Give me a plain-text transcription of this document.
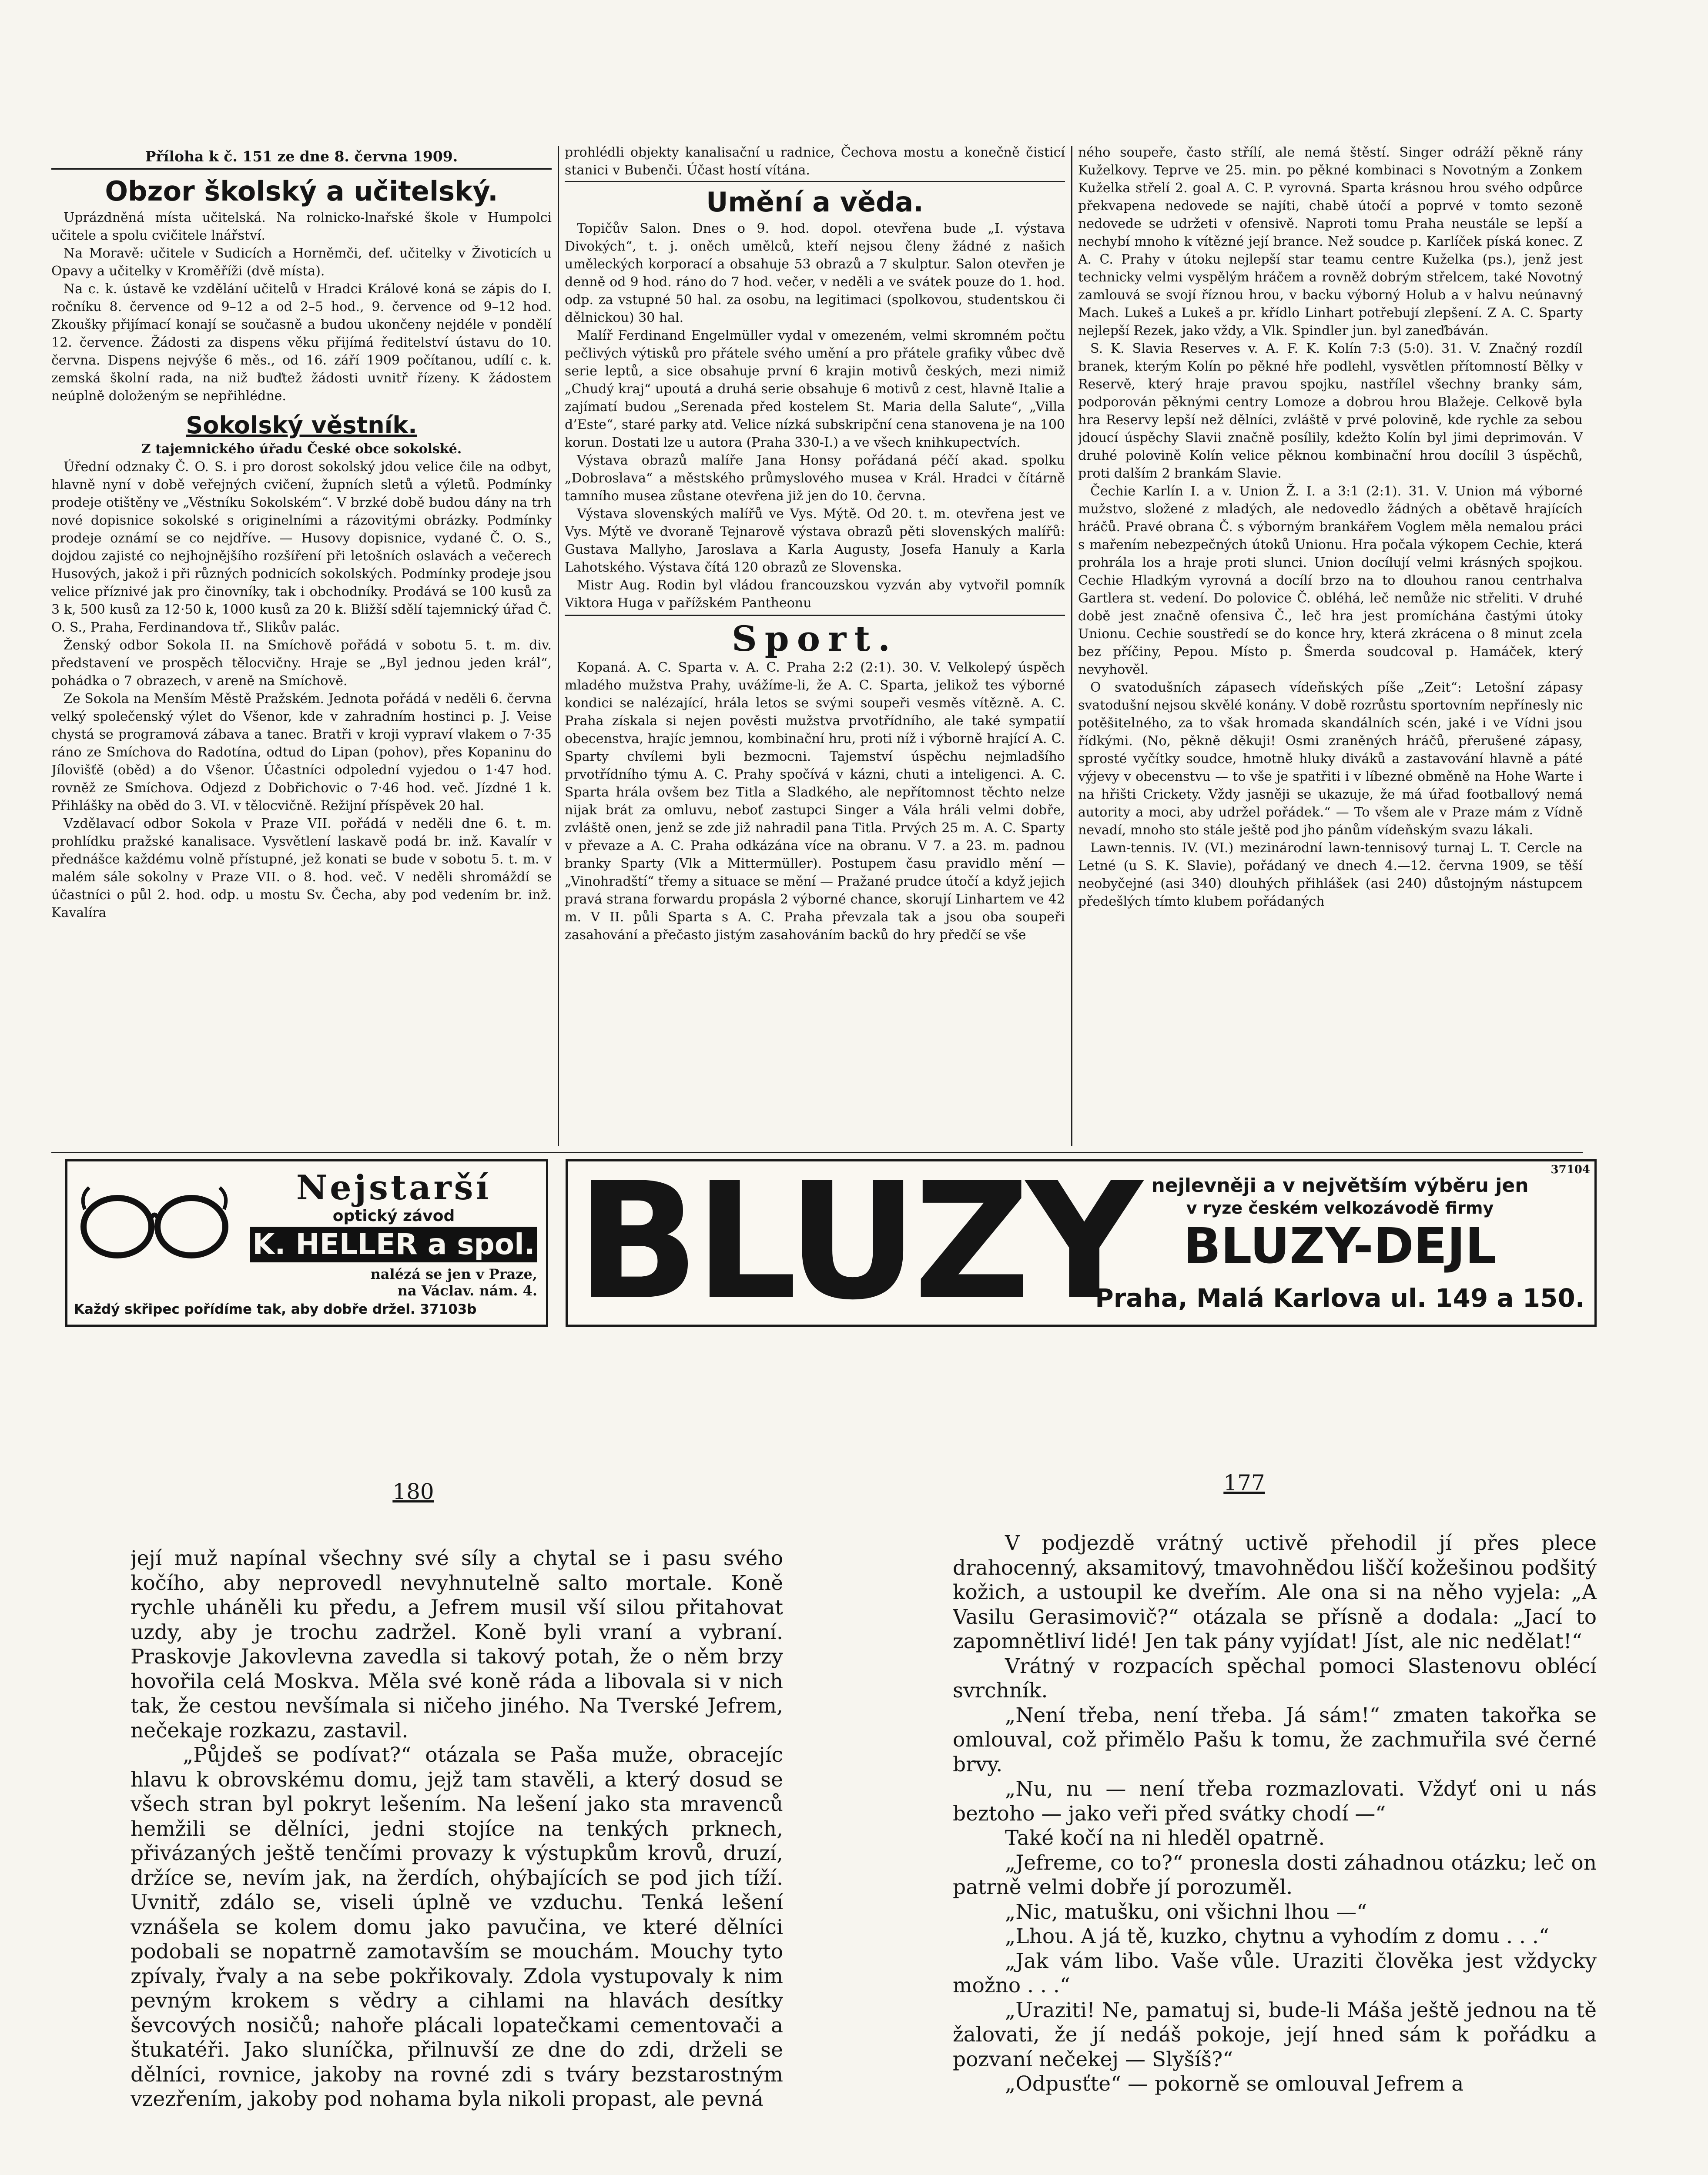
Příloha k č. 151 ze dne 8. června 1909.
Obzor školský a učitelský.

Uprázdněná místa učitelská. Na rolnicko-lnařské škole v Humpolci učitele a spolu cvičitele lnářství.

Na Moravě: učitele v Sudicích a Horněmči, def. učitelky v Životicích u Opavy a učitelky v Kroměříži (dvě místa).

Na c. k. ústavě ke vzdělání učitelů v Hradci Králové koná se zápis do I. ročníku 8. července od 9–12 a od 2–5 hod., 9. července od 9–12 hod. Zkoušky přijímací konají se současně a budou ukončeny nejdéle v pondělí 12. července. Žádosti za dispens věku přijímá ředitelství ústavu do 10. června. Dispens nejvýše 6 měs., od 16. září 1909 počítanou, udílí c. k. zemská školní rada, na niž buďtež žádosti uvnitř řízeny. K žádostem neúplně doloženým se nepřihlédne.

Sokolský věstník.
Z tajemnického úřadu České obce sokolské.

Úřední odznaky Č. O. S. i pro dorost sokolský jdou velice čile na odbyt, hlavně nyní v době veřejných cvičení, župních sletů a výletů. Podmínky prodeje otištěny ve „Věstníku Sokolském“. V brzké době budou dány na trh nové dopisnice sokolské s originelními a rázovitými obrázky. Podmínky prodeje oznámí se co nejdříve. — Husovy dopisnice, vydané Č. O. S., dojdou zajisté co nejhojnějšího rozšíření při letošních oslavách a večerech Husových, jakož i při různých podnicích sokolských. Podmínky prodeje jsou velice příznivé jak pro činovníky, tak i obchodníky. Prodává se 100 kusů za 3 k, 500 kusů za 12·50 k, 1000 kusů za 20 k. Bližší sdělí tajemnický úřad Č. O. S., Praha, Ferdinandova tř., Slikův palác.

Ženský odbor Sokola II. na Smíchově pořádá v sobotu 5. t. m. div. představení ve prospěch tělocvičny. Hraje se „Byl jednou jeden král“, pohádka o 7 obrazech, v areně na Smíchově.

Ze Sokola na Menším Městě Pražském. Jednota pořádá v neděli 6. června velký společenský výlet do Všenor, kde v zahradním hostinci p. J. Veise chystá se programová zábava a tanec. Bratři v kroji vypraví vlakem o 7·35 ráno ze Smíchova do Radotína, odtud do Lipan (pohov), přes Kopaninu do Jílovišťě (oběd) a do Všenor. Účastníci odpolední vyjedou o 1·47 hod. rovněž ze Smíchova. Odjezd z Dobřichovic o 7·46 hod. več. Jízdné 1 k. Přihlášky na oběd do 3. VI. v tělocvičně. Režijní příspěvek 20 hal.

Vzdělavací odbor Sokola v Praze VII. pořádá v neděli dne 6. t. m. prohlídku pražské kanalisace. Vysvětlení laskavě podá br. inž. Kavalír v přednášce každému volně přístupné, jež konati se bude v sobotu 5. t. m. v malém sále sokolny v Praze VII. o 8. hod. več. V neděli shromáždí se účastníci o půl 2. hod. odp. u mostu Sv. Čecha, aby pod vedením br. inž. Kavalíra

prohlédli objekty kanalisační u radnice, Čechova mostu a konečně čisticí stanici v Bubenči. Účast hostí vítána.

Umění a věda.

Topičův Salon. Dnes o 9. hod. dopol. otevřena bude „I. výstava Divokých“, t. j. oněch umělců, kteří nejsou členy žádné z našich uměleckých korporací a obsahuje 53 obrazů a 7 skulptur. Salon otevřen je denně od 9 hod. ráno do 7 hod. večer, v neděli a ve svátek pouze do 1. hod. odp. za vstupné 50 hal. za osobu, na legitimaci (spolkovou, studentskou či dělnickou) 30 hal.

Malíř Ferdinand Engelmüller vydal v omezeném, velmi skromném počtu pečlivých výtisků pro přátele svého umění a pro přátele grafiky vůbec dvě serie leptů, a sice obsahuje první 6 krajin motivů českých, mezi nimiž „Chudý kraj“ upoutá a druhá serie obsahuje 6 motivů z cest, hlavně Italie a zajímatí budou „Serenada před kostelem St. Maria della Salute“, „Villa d’Este“, staré parky atd. Velice nízká subskripční cena stanovena je na 100 korun. Dostati lze u autora (Praha 330-I.) a ve všech knihkupectvích.

Výstava obrazů malíře Jana Honsy pořádaná péčí akad. spolku „Dobroslava“ a městského průmyslového musea v Král. Hradci v čítárně tamního musea zůstane otevřena již jen do 10. června.

Výstava slovenských malířů ve Vys. Mýtě. Od 20. t. m. otevřena jest ve Vys. Mýtě ve dvoraně Tejnarově výstava obrazů pěti slovenských malířů: Gustava Mallyho, Jaroslava a Karla Augusty, Josefa Hanuly a Karla Lahotského. Výstava čítá 120 obrazů ze Slovenska.

Mistr Aug. Rodin byl vládou francouzskou vyzván aby vytvořil pomník Viktora Huga v pařížském Pantheonu

Sport.

Kopaná. A. C. Sparta v. A. C. Praha 2:2 (2:1). 30. V. Velkolepý úspěch mladého mužstva Prahy, uvážíme-li, že A. C. Sparta, jelikož tes výborné kondici se nalézající, hrála letos se svými soupeři vesměs vítězně. A. C. Praha získala si nejen pověsti mužstva prvotřídního, ale také sympatií obecenstva, hrajíc jemnou, kombinační hru, proti níž i výborně hrající A. C. Sparty chvílemi byli bezmocni. Tajemství úspěchu nejmladšího prvotřídního týmu A. C. Prahy spočívá v kázni, chuti a inteligenci. A. C. Sparta hrála ovšem bez Titla a Sladkého, ale nepřítomnost těchto nelze nijak brát za omluvu, neboť zastupci Singer a Vála hráli velmi dobře, zvláště onen, jenž se zde již nahradil pana Titla. Prvých 25 m. A. C. Sparty v převaze a A. C. Praha odkázána více na obranu. V 7. a 23. m. padnou branky Sparty (Vlk a Mittermüller). Postupem času pravidlo mění — „Vinohradští“ třemy a situace se mění — Pražané prudce útočí a když jejich pravá strana forwardu propásla 2 výborné chance, skorují Linhartem ve 42 m. V II. půli Sparta s A. C. Praha převzala tak a jsou oba soupeři zasahování a přečasto jistým zasahováním backů do hry předčí se vše

ného soupeře, často střílí, ale nemá štěstí. Singer odráží pěkně rány Kuželkovy. Teprve ve 25. min. po pěkné kombinaci s Novotným a Zonkem Kuželka střelí 2. goal A. C. P. vyrovná. Sparta krásnou hrou svého odpůrce překvapena nedovede se najíti, chabě útočí a poprvé v tomto sezoně nedovede se udržeti v ofensivě. Naproti tomu Praha neustále se lepší a nechybí mnoho k vítězné její brance. Než soudce p. Karlíček píská konec. Z A. C. Prahy v útoku nejlepší star teamu centre Kuželka (ps.), jenž jest technicky velmi vyspělým hráčem a rovněž dobrým střelcem, také Novotný zamlouvá se svojí říznou hrou, v backu výborný Holub a v halvu neúnavný Mach. Lukeš a Lukeš a pr. křídlo Linhart potřebují zlepšení. Z A. C. Sparty nejlepší Rezek, jako vždy, a Vlk. Spindler jun. byl zaneďbáván.

S. K. Slavia Reserves v. A. F. K. Kolín 7:3 (5:0). 31. V. Značný rozdíl branek, kterým Kolín po pěkné hře podlehl, vysvětlen přítomností Bělky v Reservě, který hraje pravou spojku, nastřílel všechny branky sám, podporován pěknými centry Lomoze a dobrou hrou Blažeje. Celkově byla hra Reservy lepší než dělníci, zvláště v prvé polovině, kde rychle za sebou jdoucí úspěchy Slavii značně posílily, kdežto Kolín byl jimi deprimován. V druhé polovině Kolín velice pěknou kombinační hrou docílil 3 úspěchů, proti dalším 2 brankám Slavie.

Čechie Karlín I. a v. Union Ž. I. a 3:1 (2:1). 31. V. Union má výborné mužstvo, složené z mladých, ale nedovedlo žádných a obětavě hrajících hráčů. Pravé obrana Č. s výborným brankářem Voglem měla nemalou práci s mařením nebezpečných útoků Unionu. Hra počala výkopem Cechie, která prohrála los a hraje proti slunci. Union docílují velmi krásných spojkou. Cechie Hladkým vyrovná a docílí brzo na to dlouhou ranou centrhalva Gartlera st. vedení. Do polovice Č. obléhá, leč nemůže nic střeliti. V druhé době jest značně ofensiva Č., leč hra jest promíchána častými útoky Unionu. Cechie soustředí se do konce hry, která zkrácena o 8 minut zcela bez příčiny, Pepou. Místo p. Šmerda soudcoval p. Hamáček, který nevyhověl.

O svatodušních zápasech vídeňských píše „Zeit“: Letošní zápasy svatodušní nejsou skvělé konány. V době rozrůstu sportovním nepřínesly nic potěšitelného, za to však hromada skandálních scén, jaké i ve Vídni jsou řídkými. (No, pěkně děkuji! Osmi zraněných hráčů, přerušené zápasy, sprosté vyčítky soudce, hmotně hluky diváků a zastavování hlavně a páté výjevy v obecenstvu — to vše je spatřiti i v líbezné obměně na Hohe Warte i na hřišti Crickety. Vždy jasněji se ukazuje, že má úřad footballový nemá autority a moci, aby udržel pořádek.“ — To všem ale v Praze mám z Vídně nevadí, mnoho sto stále ještě pod jho pánům vídeňským svazu lákali.

Lawn-tennis. IV. (VI.) mezinárodní lawn-tennisový turnaj L. T. Cercle na Letné (u S. K. Slavie), pořádaný ve dnech 4.—12. června 1909, se těší neobyčejné (asi 340) dlouhých přihlášek (asi 240) důstojným nástupcem předešlých tímto klubem pořádaných

Nejstarší
optický závod
K. HELLER a spol.
nalézá se jen v Praze,
na Václav. nám. 4.
Každý skřipec pořídíme tak, aby dobře držel. 37103b BLUZY	37104
nejlevněji a v největším výběru jen
v ryze českém velkozávodě firmy
BLUZY-DEJL
Praha, Malá Karlova ul. 149 a 150.
180	177

její muž napínal všechny své síly a chytal se i pasu svého kočího, aby neprovedl nevyhnutelně salto mortale. Koně rychle uháněli ku předu, a Jefrem musil vší silou přitahovat uzdy, aby je trochu zadržel. Koně byli vraní a vybraní. Praskovje Jakovlevna zavedla si takový potah, že o něm brzy hovořila celá Moskva. Měla své koně ráda a libovala si v nich tak, že cestou nevšímala si ničeho jiného. Na Tverské Jefrem, nečekaje rozkazu, zastavil.

„Půjdeš se podívat?“ otázala se Paša muže, obracejíc hlavu k obrovskému domu, jejž tam stavěli, a který dosud se všech stran byl pokryt lešením. Na lešení jako sta mravenců hemžili se dělníci, jedni stojíce na tenkých prknech, přivázaných ještě tenčími provazy k výstupkům krovů, druzí, držíce se, nevím jak, na žerdích, ohýbajících se pod jich tíží. Uvnitř, zdálo se, viseli úplně ve vzduchu. Tenká lešení vznášela se kolem domu jako pavučina, ve které dělníci podobali se nopatrně zamotavším se mouchám. Mouchy tyto zpívaly, řvaly a na sebe pokřikovaly. Zdola vystupovaly k nim pevným krokem s vědry a cihlami na hlavách desítky ševcových nosičů; nahoře plácali lopatečkami cementovači a štukatéři. Jako sluníčka, přilnuvší ze dne do zdi, drželi se dělníci, rovnice, jakoby na rovné zdi s tváry bezstarostným vzezřením, jakoby pod nohama byla nikoli propast, ale pevná

V podjezdě vrátný uctivě přehodil jí přes plece drahocenný, aksamitový, tmavohnědou liščí kožešinou podšitý kožich, a ustoupil ke dveřím. Ale ona si na něho vyjela: „A Vasilu Gerasimovič?“ otázala se přísně a dodala: „Jací to zapomnětliví lidé! Jen tak pány vyjídat! Jíst, ale nic nedělat!“

Vrátný v rozpacích spěchal pomoci Slastenovu oblécí svrchník.

„Není třeba, není třeba. Já sám!“ zmaten takořka se omlouval, což přimělo Pašu k tomu, že zachmuřila své černé brvy.

„Nu, nu — není třeba rozmazlovati. Vždyť oni u nás beztoho — jako veři před svátky chodí —“

Také kočí na ni hleděl opatrně.

„Jefreme, co to?“ pronesla dosti záhadnou otázku; leč on patrně velmi dobře jí porozuměl.

„Nic, matušku, oni všichni lhou —“

„Lhou. A já tě, kuzko, chytnu a vyhodím z domu . . .“

„Jak vám libo. Vaše vůle. Uraziti člověka jest vždycky možno . . .“

„Uraziti! Ne, pamatuj si, bude-li Máša ještě jednou na tě žalovati, že jí nedáš pokoje, její hned sám k pořádku a pozvaní nečekej — Slyšíš?“

„Odpusťte“ — pokorně se omlouval Jefrem a
